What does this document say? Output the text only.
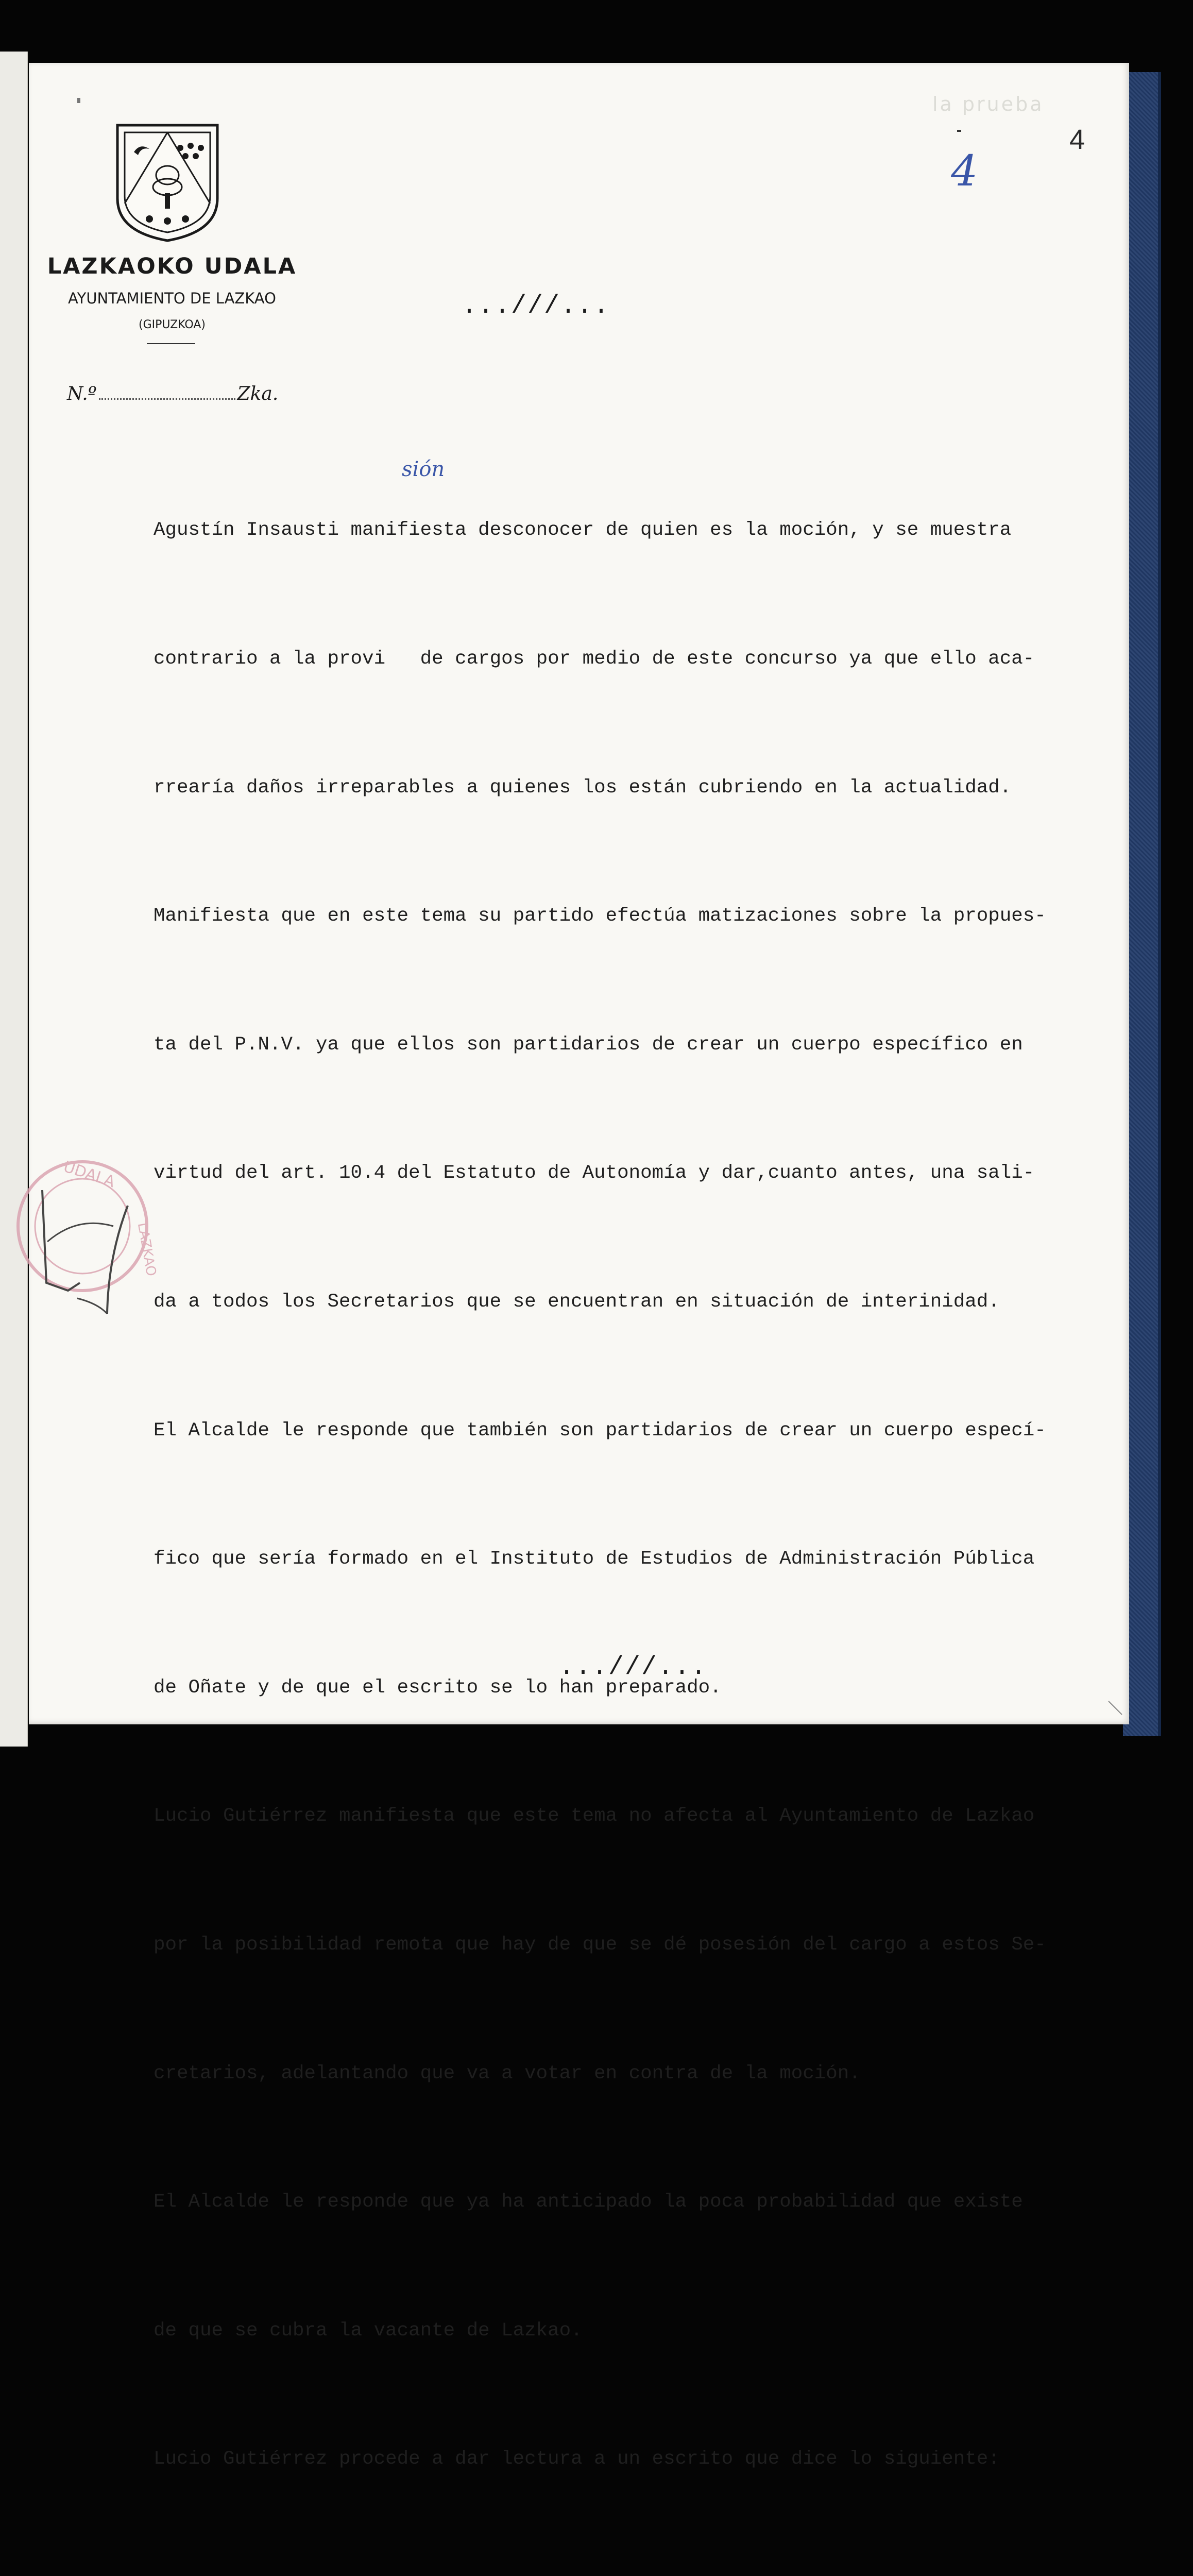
LAZKAOKO UDALA
AYUNTAMIENTO DE LAZKAO
(GIPUZKOA)
N.º	Zka.
la prueba
4
4
...///...

Agustín Insausti manifiesta desconocer de quien es la moción, y se muestra

contrario a la provi   de cargos por medio de este concurso ya que ello aca-

rrearía daños irreparables a quienes los están cubriendo en la actualidad.

Manifiesta que en este tema su partido efectúa matizaciones sobre la propues-

ta del P.N.V. ya que ellos son partidarios de crear un cuerpo específico en

virtud del art. 10.4 del Estatuto de Autonomía y dar,cuanto antes, una sali-

da a todos los Secretarios que se encuentran en situación de interinidad.

El Alcalde le responde que también son partidarios de crear un cuerpo especí-

fico que sería formado en el Instituto de Estudios de Administración Pública

de Oñate y de que el escrito se lo han preparado.

Lucio Gutiérrez manifiesta que este tema no afecta al Ayuntamiento de Lazkao

por la posibilidad remota que hay de que se dé posesión del cargo a estos Se-

cretarios, adelantando que va a votar en contra de la moción.

El Alcalde le responde que ya ha anticipado la poca probabilidad que existe

de que se cubra la vacante de Lazkao.

Lucio Gutiérrez procede a dar lectura a un escrito que dice lo siguiente:

sión
UDALA
LAZKAO
...///...
